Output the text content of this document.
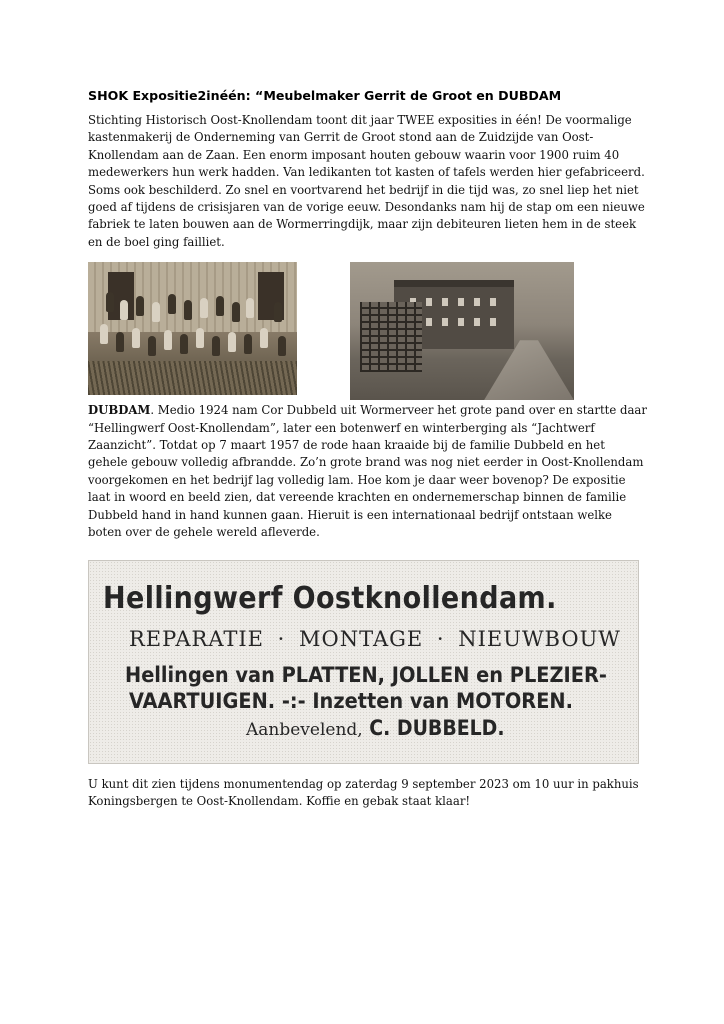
SHOK Expositie2inéén: “Meubelmaker Gerrit de Groot en DUBDAM

Stichting Historisch Oost-Knollendam toont dit jaar TWEE exposities in één! De voormalige kastenmakerij de Onderneming van Gerrit de Groot stond aan de Zuidzijde van Oost-Knollendam aan de Zaan. Een enorm imposant houten gebouw waarin voor 1900 ruim 40 medewerkers hun werk hadden. Van ledikanten tot kasten of tafels werden hier gefabriceerd. Soms ook beschilderd. Zo snel en voortvarend het bedrijf in die tijd was, zo snel liep het niet goed af tijdens de crisisjaren van de vorige eeuw. Desondanks nam hij de stap om een nieuwe fabriek te laten bouwen aan de Wormerringdijk, maar zijn debiteuren lieten hem in de steek en de boel ging failliet.

DUBDAM. Medio 1924 nam Cor Dubbeld uit Wormerveer het grote pand over en startte daar “Hellingwerf Oost-Knollendam”, later een botenwerf en winterberging als “Jachtwerf Zaanzicht”. Totdat op 7 maart 1957 de rode haan kraaide bij de familie Dubbeld en het gehele gebouw volledig afbrandde. Zo’n grote brand was nog niet eerder in Oost-Knollendam voorgekomen en het bedrijf lag volledig lam. Hoe kom je daar weer bovenop? De expositie laat in woord en beeld zien, dat vereende krachten en ondernemerschap binnen de familie Dubbeld hand in hand kunnen gaan. Hieruit is een internationaal bedrijf ontstaan welke boten over de gehele wereld afleverde.

Hellingwerf Oostknollendam.
REPARATIE · MONTAGE · NIEUWBOUW
Hellingen van PLATTEN, JOLLEN en PLEZIER-
VAARTUIGEN. -:- Inzetten van MOTOREN.
Aanbevelend, C. DUBBELD.

U kunt dit zien tijdens monumentendag op zaterdag 9 september 2023 om 10 uur in pakhuis Koningsbergen te Oost-Knollendam. Koffie en gebak staat klaar!
